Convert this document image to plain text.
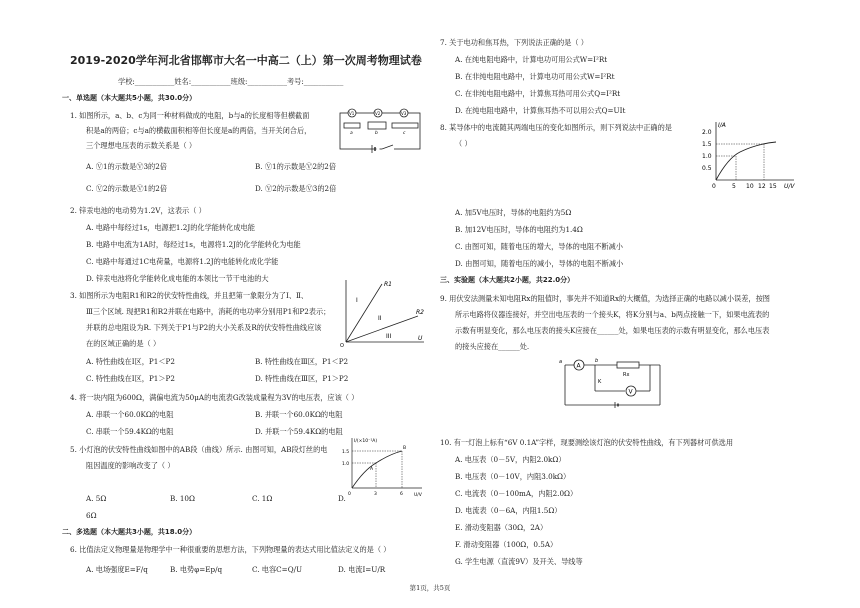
2019-2020学年河北省邯郸市大名一中高二（上）第一次周考物理试卷
学校:___________姓名:___________班级:___________考号:___________
一、单选题（本大题共5小题，共30.0分）
1. 如图所示，a、b、c为同一种材料做成的电阻，b与a的长度相等但横截面
积是a的两倍；c与a的横截面积相等但长度是a的两倍，当开关闭合后，
三个理想电压表的示数关系是（ ）
A. Ⓥ1的示数是Ⓥ3的2倍	B. Ⓥ1的示数是Ⓥ2的2倍
C. Ⓥ2的示数是Ⓥ1的2倍	D. Ⓥ2的示数是Ⓥ3的2倍
V1	V2	V3
a	b	c
2. 锌汞电池的电动势为1.2V，这表示（ ）
A. 电路中每经过1s，电源把1.2J的化学能转化成电能
B. 电路中电流为1A时，每经过1s，电源将1.2J的化学能转化为电能
C. 电路中每通过1C电荷量，电源将1.2J的电能转化成化学能
D. 锌汞电池将化学能转化成电能的本领比一节干电池的大
3. 如图所示为电阻R1和R2的伏安特性曲线，并且把第一象限分为了Ⅰ、Ⅱ、
Ⅲ三个区域. 现把R1和R2并联在电路中，消耗的电功率分别用P1和P2表示；
并联的总电阻设为R. 下列关于P1与P2的大小关系及R的伏安特性曲线应该
在的区域正确的是（ ）
A. 特性曲线在Ⅰ区，P1＜P2	B. 特性曲线在Ⅲ区，P1＜P2
C. 特性曲线在Ⅰ区，P1＞P2	D. 特性曲线在Ⅲ区，P1＞P2
I
R1
II
R2
III	U
O
4. 将一块内阻为600Ω，满偏电流为50μA的电流表G改装成量程为3V的电压表，应该（ ）
A. 串联一个60.0KΩ的电阻	B. 并联一个60.0KΩ的电阻
C. 串联一个59.4KΩ的电阻	D. 并联一个59.4KΩ的电阻
5. 小灯泡的伏安特性曲线如图中的AB段（曲线）所示. 由图可知，AB段灯丝的电
阻因温度的影响改变了（ ）
A. 5Ω	B. 10Ω	C. 1Ω	D.
6Ω
I/(×10⁻¹A)
U/V
1.5
1.0
0	3	6
A
B
二、多选题（本大题共3小题，共18.0分）
6. 比值法定义物理量是物理学中一种很重要的思想方法，下列物理量的表达式用比值法定义的是（ ）
A. 电场强度E=F/q	B. 电势φ=Ep/q	C. 电容C=Q/U	D. 电流I=U/R
7. 关于电功和焦耳热，下列说法正确的是（ ）
A. 在纯电阻电路中，计算电功可用公式W=I²Rt
B. 在非纯电阻电路中，计算电功可用公式W=I²Rt
C. 在非纯电阻电路中，计算焦耳热可用公式Q=I²Rt
D. 在纯电阻电路中，计算焦耳热不可以用公式Q=UIt
8. 某导体中的电流随其两端电压的变化如图所示，则下列说法中正确的是
（ ）
A. 加5V电压时，导体的电阻约为5Ω
B. 加12V电压时，导体的电阻约为1.4Ω
C. 由图可知，随着电压的增大，导体的电阻不断减小
D. 由图可知，随着电压的减小，导体的电阻不断减小
I/A
U/V
2.0
1.5
1.0
0.5
0	5 10 12 15
三、实验题（本大题共2小题，共22.0分）
9. 用伏安法测量未知电阻Rx的阻值时，事先并不知道Rx的大概值，为选择正确的电路以减小误差，按图
所示电路将仪器连接好，并空出电压表的一个接头K，将K分别与a、b两点接触一下，如果电流表的
示数有明显变化，那么电压表的接头K应接在______处，如果电压表的示数有明显变化，那么电压表
的接头应接在______处.
A
Rx
a	b
V
K
10. 有一灯泡上标有“6V 0.1A”字样，现要测绘该灯泡的伏安特性曲线，有下列器材可供选用
A. 电压表（0－5V，内阻2.0kΩ）
B. 电压表（0－10V，内阻3.0kΩ）
C. 电流表（0－100mA，内阻2.0Ω）
D. 电流表（0－6A，内阻1.5Ω）
E. 滑动变阻器（30Ω，2A）
F. 滑动变阻器（100Ω，0.5A）
G. 学生电源（直流9V）及开关、导线等
第1页，共5页
